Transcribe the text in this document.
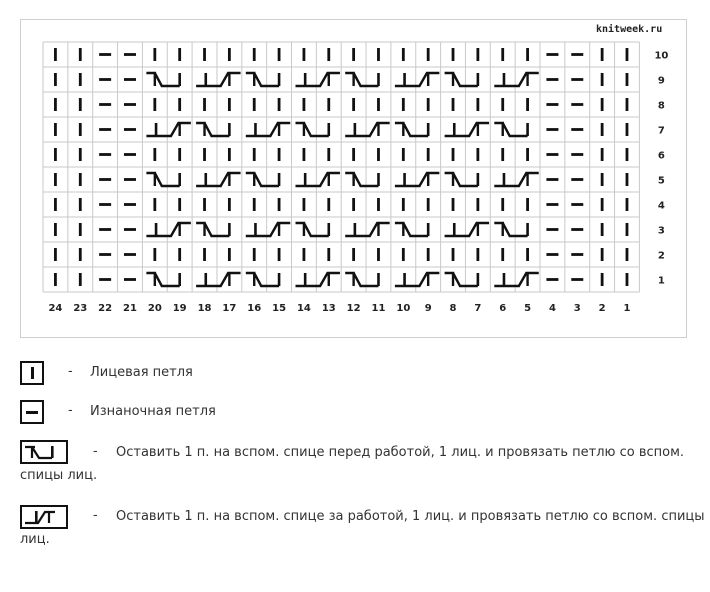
10
9
8
7
6
5
4
3
2
1
24 23 22 21 20 19 18 17 16 15 14 13 12 11 10 9 8 7 6 5 4 3 2 1
knitweek.ru
- Лицевая петля
- Изнаночная петля
- Оставить 1 п. на вспом. спице перед работой, 1 лиц. и провязать петлю со вспом.
спицы лиц.
- Оставить 1 п. на вспом. спице за работой, 1 лиц. и провязать петлю со вспом. спицы
лиц.
